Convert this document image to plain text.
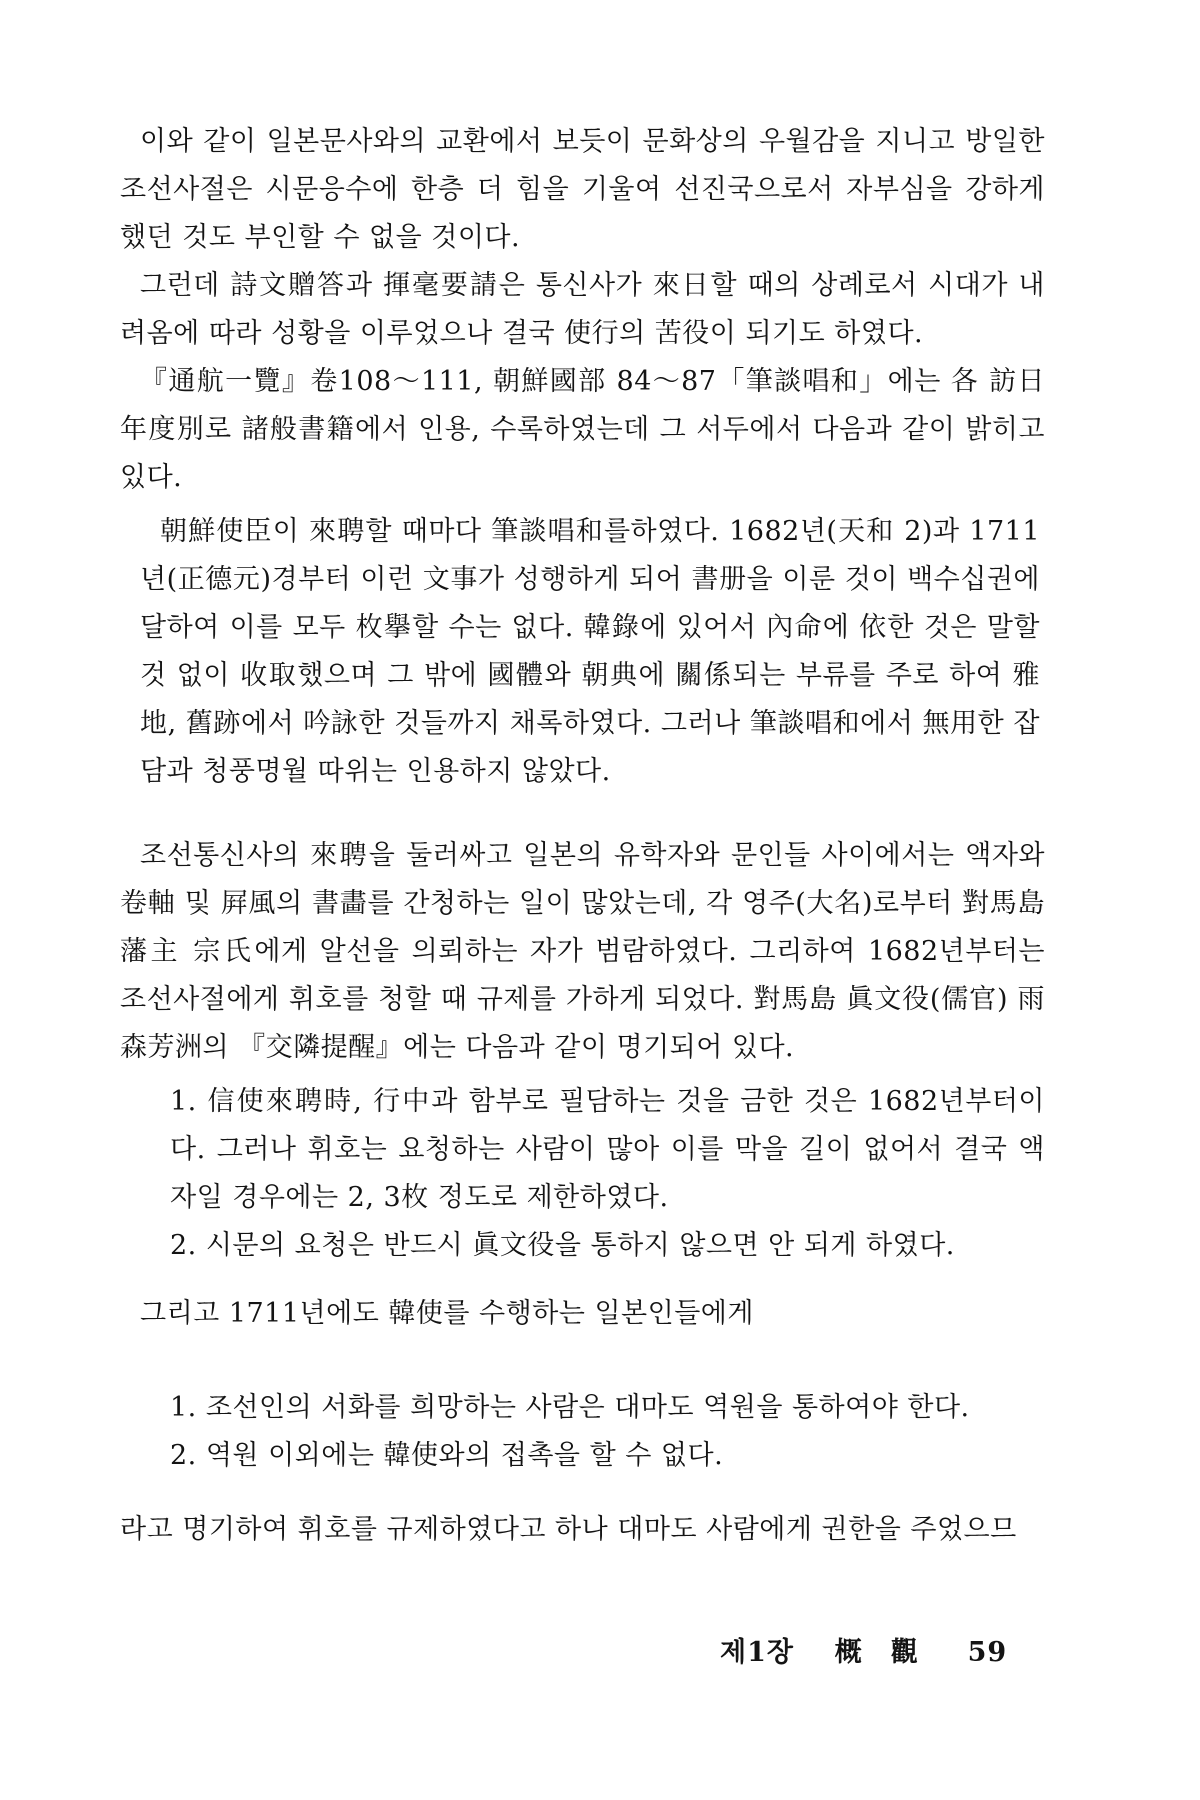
이와 같이 일본문사와의 교환에서 보듯이 문화상의 우월감을 지니고 방일한 조선사절은 시문응수에 한층 더 힘을 기울여 선진국으로서 자부심을 강하게 했던 것도 부인할 수 없을 것이다.

그런데 詩文贈答과 揮毫要請은 통신사가 來日할 때의 상례로서 시대가 내려옴에 따라 성황을 이루었으나 결국 使行의 苦役이 되기도 하였다.

『通航一覽』卷108～111, 朝鮮國部 84～87「筆談唱和」에는 各 訪日年度別로 諸般書籍에서 인용, 수록하였는데 그 서두에서 다음과 같이 밝히고 있다.

朝鮮使臣이 來聘할 때마다 筆談唱和를하였다. 1682년(天和 2)과 1711년(正德元)경부터 이런 文事가 성행하게 되어 書册을 이룬 것이 백수십권에 달하여 이를 모두 枚擧할 수는 없다. 韓錄에 있어서 內命에 依한 것은 말할 것 없이 收取했으며 그 밖에 國體와 朝典에 關係되는 부류를 주로 하여 雅地, 舊跡에서 吟詠한 것들까지 채록하였다. 그러나 筆談唱和에서 無用한 잡담과 청풍명월 따위는 인용하지 않았다.

조선통신사의 來聘을 둘러싸고 일본의 유학자와 문인들 사이에서는 액자와 卷軸 및 屛風의 書畵를 간청하는 일이 많았는데, 각 영주(大名)로부터 對馬島藩主 宗氏에게 알선을 의뢰하는 자가 범람하였다. 그리하여 1682년부터는 조선사절에게 휘호를 청할 때 규제를 가하게 되었다. 對馬島 眞文役(儒官) 雨森芳洲의 『交隣提醒』에는 다음과 같이 명기되어 있다.

1. 信使來聘時, 行中과 함부로 필담하는 것을 금한 것은 1682년부터이다. 그러나 휘호는 요청하는 사람이 많아 이를 막을 길이 없어서 결국 액자일 경우에는 2, 3枚 정도로 제한하였다.
2. 시문의 요청은 반드시 眞文役을 통하지 않으면 안 되게 하였다.

그리고 1711년에도 韓使를 수행하는 일본인들에게

1. 조선인의 서화를 희망하는 사람은 대마도 역원을 통하여야 한다.
2. 역원 이외에는 韓使와의 접촉을 할 수 없다.

라고 명기하여 휘호를 규제하였다고 하나 대마도 사람에게 권한을 주었으므

제1장 概　觀 59
